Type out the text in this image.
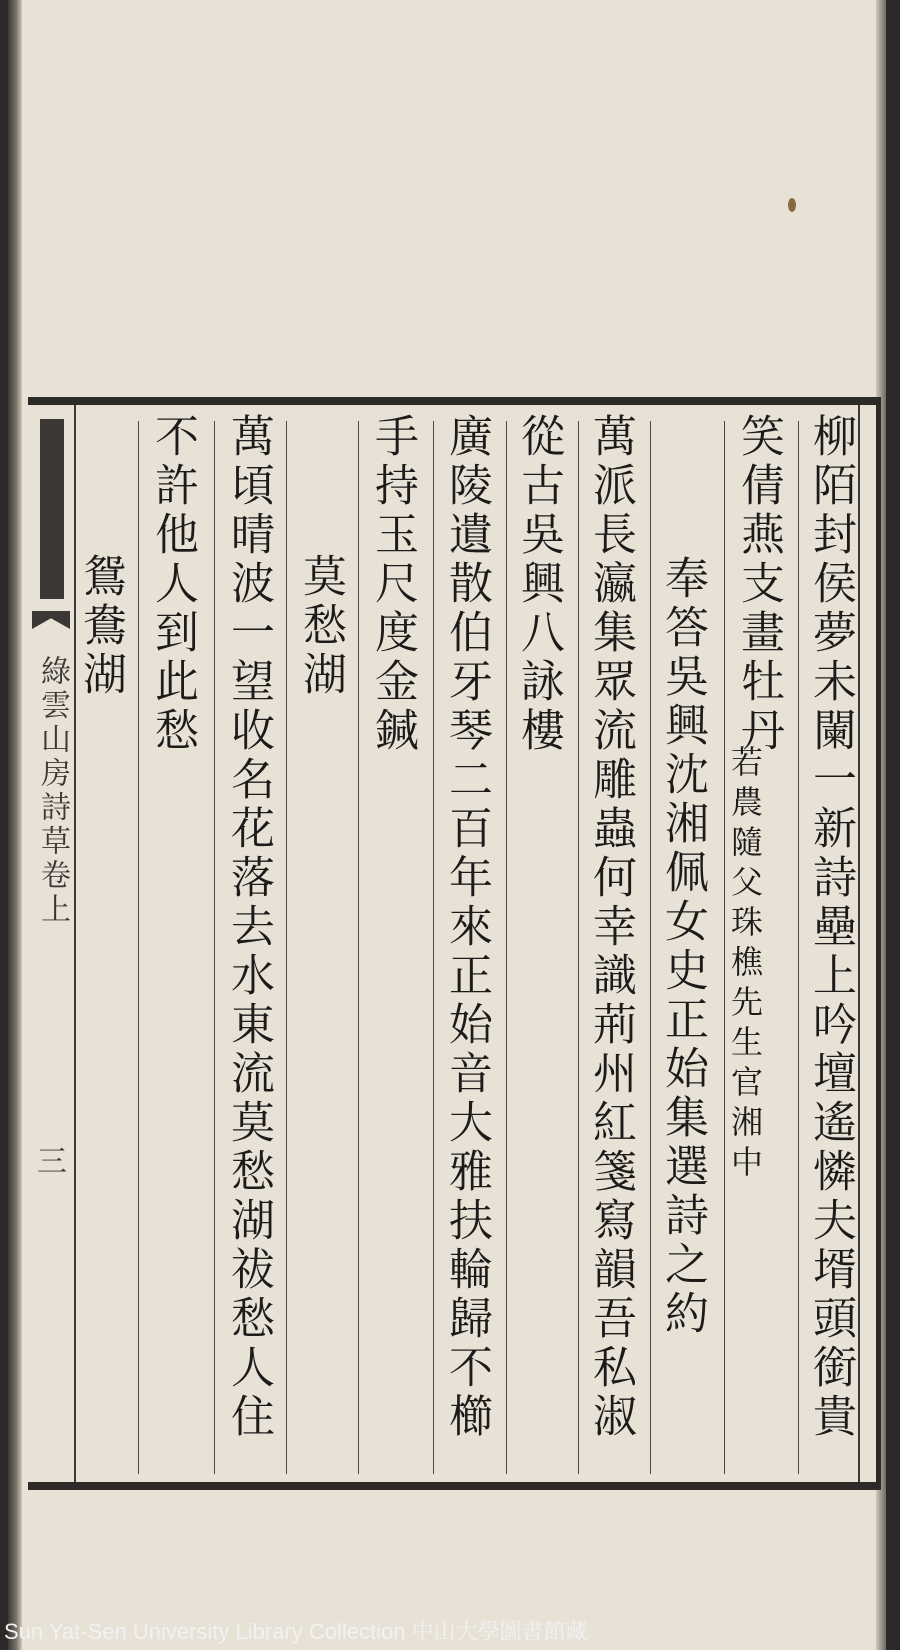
綠雲山房詩草卷上
三	柳陌封侯夢未闌一新詩壘上吟壇遙憐夫壻頭銜貴
笑倩燕支畫牡丹
若農隨父珠樵先生官湘中
奉答吳興沈湘佩女史正始集選詩之約
萬派長瀛集眾流雕蟲何幸識荊州紅箋寫韻吾私淑
從古吳興八詠樓
廣陵遺散伯牙琴二百年來正始音大雅扶輪歸不櫛
手持玉尺度金鍼
莫愁湖
萬頃晴波一望收名花落去水東流莫愁湖祓愁人住
不許他人到此愁
鴛鴦湖
Sun Yat-Sen University Library Collection 中山大學圖書館藏
